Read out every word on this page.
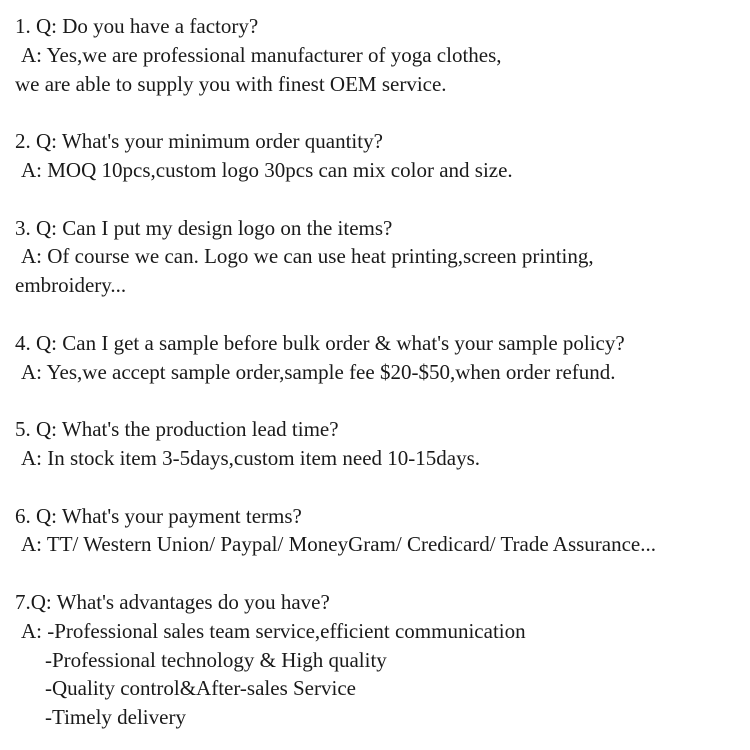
1. Q: Do you have a factory?
A: Yes,we are professional manufacturer of yoga clothes,
we are able to supply you with finest OEM service.
2. Q: What's your minimum order quantity?
A: MOQ 10pcs,custom logo 30pcs can mix color and size.
3. Q: Can I put my design logo on the items?
A: Of course we can. Logo we can use heat printing,screen printing,
embroidery...
4. Q: Can I get a sample before bulk order & what's your sample policy?
A: Yes,we accept sample order,sample fee $20-$50,when order refund.
5. Q: What's the production lead time?
A: In stock item 3-5days,custom item need 10-15days.
6. Q: What's your payment terms?
A: TT/ Western Union/ Paypal/ MoneyGram/ Credicard/ Trade Assurance...
7.Q: What's advantages do you have?
A: -Professional sales team service,efficient communication
-Professional technology & High quality
-Quality control&After-sales Service
-Timely delivery
